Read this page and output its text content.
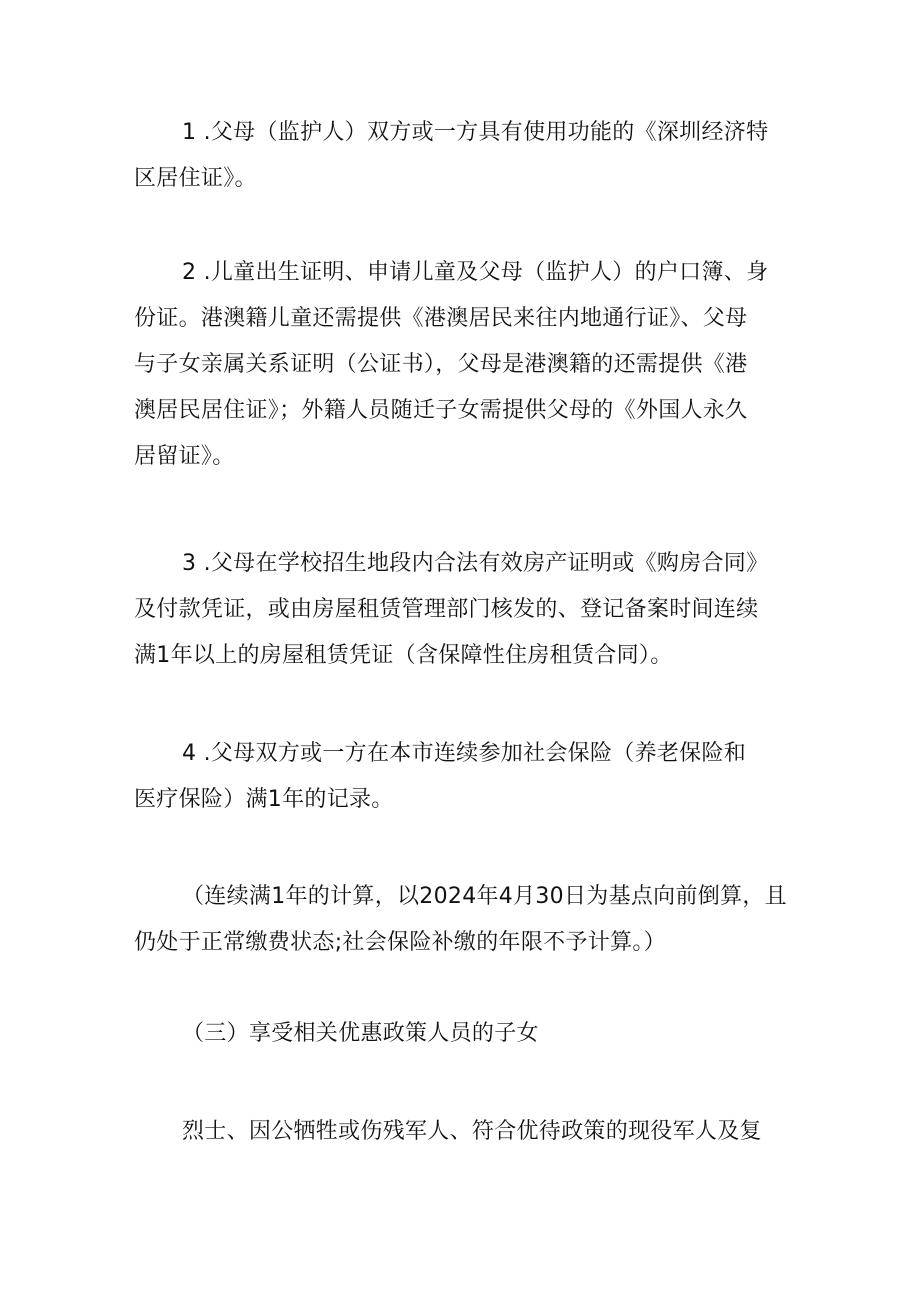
1 .父母（监护人）双方或一方具有使用功能的《深圳经济特
区居住证》。
2 .儿童出生证明、申请儿童及父母（监护人）的户口簿、身
份证。港澳籍儿童还需提供《港澳居民来往内地通行证》、父母
与子女亲属关系证明（公证书），父母是港澳籍的还需提供《港
澳居民居住证》；外籍人员随迁子女需提供父母的《外国人永久
居留证》。
3 .父母在学校招生地段内合法有效房产证明或《购房合同》
及付款凭证，或由房屋租赁管理部门核发的、登记备案时间连续
满1年以上的房屋租赁凭证（含保障性住房租赁合同）。
4 .父母双方或一方在本市连续参加社会保险（养老保险和
医疗保险）满1年的记录。
（连续满1年的计算，以2024年4月30日为基点向前倒算，且
仍处于正常缴费状态;社会保险补缴的年限不予计算。）
（三）享受相关优惠政策人员的子女
烈士、因公牺牲或伤残军人、符合优待政策的现役军人及复
